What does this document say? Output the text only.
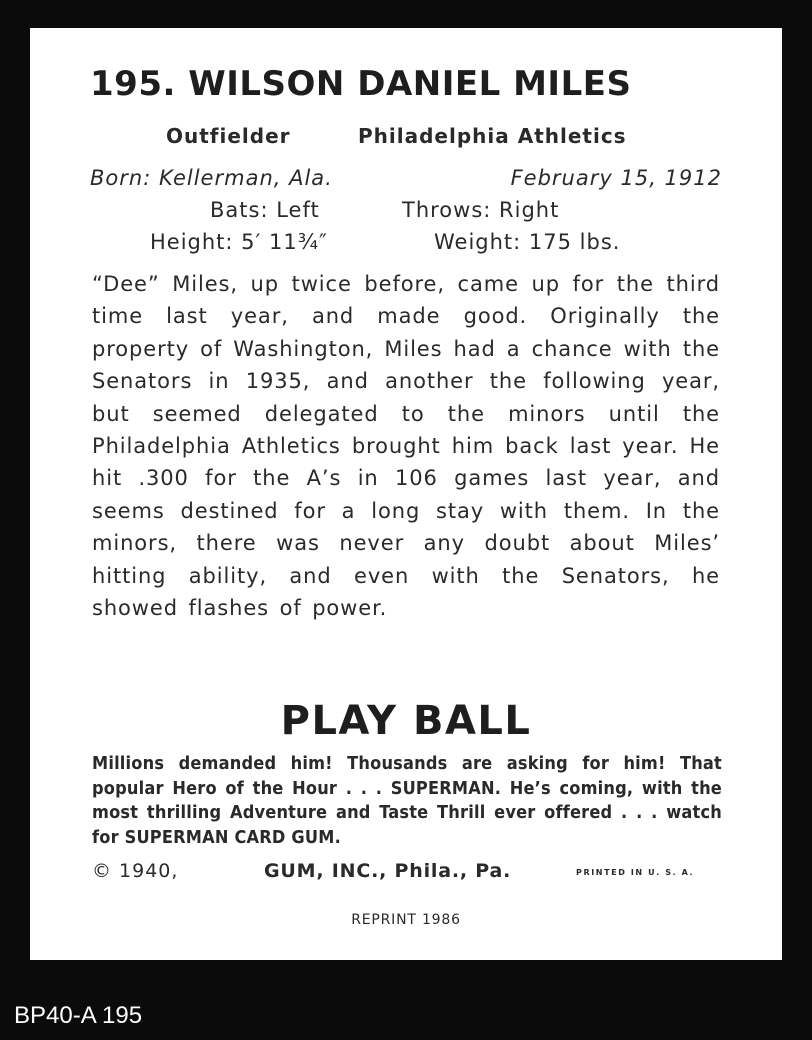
195. WILSON DANIEL MILES
Outfielder	Philadelphia Athletics
Born: Kellerman, Ala.	February 15, 1912
Bats: Left	Throws: Right
Height: 5′ 11¾″	Weight: 175 lbs.
“Dee” Miles, up twice before, came up for the third time last year, and made good. Originally the property of Washington, Miles had a chance with the Senators in 1935, and another the following year, but seemed delegated to the minors until the Philadelphia Athletics brought him back last year. He hit .300 for the A’s in 106 games last year, and seems destined for a long stay with them. In the minors, there was never any doubt about Miles’ hitting ability, and even with the Senators, he showed flashes of power.
PLAY BALL
Millions demanded him! Thousands are asking for him! That popular Hero of the Hour . . . SUPERMAN. He’s coming, with the most thrilling Adventure and Taste Thrill ever offered . . . watch for SUPERMAN CARD GUM.
© 1940,	GUM, INC., Phila., Pa.	PRINTED IN U. S. A.
REPRINT 1986
BP40-A 195
